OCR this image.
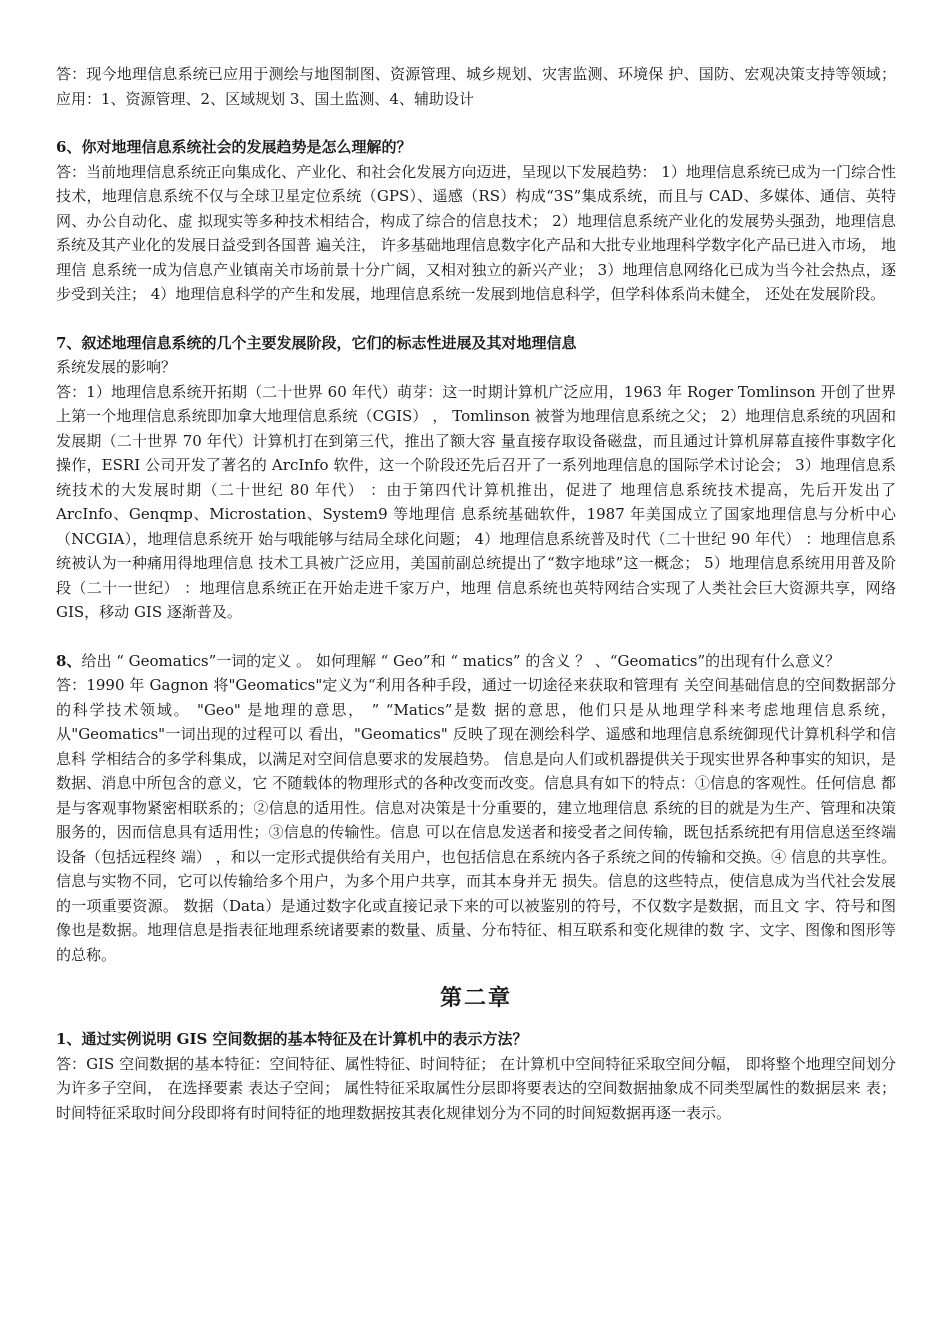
答：现今地理信息系统已应用于测绘与地图制图、资源管理、城乡规划、灾害监测、环境保 护、国防、宏观决策支持等领域； 应用：1、资源管理、2、区域规划 3、国土监测、4、辅助设计

6、你对地理信息系统社会的发展趋势是怎么理解的？

答：当前地理信息系统正向集成化、产业化、和社会化发展方向迈进，呈现以下发展趋势： 1）地理信息系统已成为一门综合性技术，地理信息系统不仅与全球卫星定位系统（GPS）、遥感（RS）构成“3S”集成系统，而且与 CAD、多媒体、通信、英特网、办公自动化、虚 拟现实等多种技术相结合，构成了综合的信息技术； 2）地理信息系统产业化的发展势头强劲，地理信息系统及其产业化的发展日益受到各国普 遍关注， 许多基础地理信息数字化产品和大批专业地理科学数字化产品已进入市场， 地理信 息系统一成为信息产业镇南关市场前景十分广阔，又相对独立的新兴产业； 3）地理信息网络化已成为当今社会热点，逐步受到关注； 4）地理信息科学的产生和发展，地理信息系统一发展到地信息科学，但学科体系尚未健全， 还处在发展阶段。

7、叙述地理信息系统的几个主要发展阶段，它们的标志性进展及其对地理信息

系统发展的影响？

答：1）地理信息系统开拓期（二十世界 60 年代）萌芽：这一时期计算机广泛应用，1963 年 Roger Tomlinson 开创了世界上第一个地理信息系统即加拿大地理信息系统（CGIS） ， Tomlinson 被誉为地理信息系统之父； 2）地理信息系统的巩固和发展期（二十世界 70 年代）计算机打在到第三代，推出了额大容 量直接存取设备磁盘，而且通过计算机屏幕直接件事数字化操作，ESRI 公司开发了著名的 ArcInfo 软件，这一个阶段还先后召开了一系列地理信息的国际学术讨论会； 3）地理信息系统技术的大发展时期（二十世纪 80 年代） ：由于第四代计算机推出，促进了 地理信息系统技术提高，先后开发出了 ArcInfo、Genqmp、Microstation、System9 等地理信 息系统基础软件，1987 年美国成立了国家地理信息与分析中心（NCGIA），地理信息系统开 始与哦能够与结局全球化问题； 4）地理信息系统普及时代（二十世纪 90 年代） ：地理信息系统被认为一种痛用得地理信息 技术工具被广泛应用，美国前副总统提出了“数字地球”这一概念； 5）地理信息系统用用普及阶段（二十一世纪） ：地理信息系统正在开始走进千家万户，地理 信息系统也英特网结合实现了人类社会巨大资源共享，网络 GIS，移动 GIS 逐渐普及。

8、给出 “ Geomatics”一词的定义 。 如何理解 “ Geo”和 “ matics” 的含义 ？ 、“Geomatics”的出现有什么意义？

答：1990 年 Gagnon 将"Geomatics"定义为“利用各种手段，通过一切途径来获取和管理有 关空间基础信息的空间数据部分的科学技术领域。 "Geo" 是地理的意思， ” “Matics”是数 据的意思，他们只是从地理学科来考虑地理信息系统，从"Geomatics"一词出现的过程可以 看出，"Geomatics" 反映了现在测绘科学、遥感和地理信息系统御现代计算机科学和信息科 学相结合的多学科集成，以满足对空间信息要求的发展趋势。 信息是向人们或机器提供关于现实世界各种事实的知识，是数据、消息中所包含的意义，它 不随载体的物理形式的各种改变而改变。信息具有如下的特点：①信息的客观性。任何信息 都是与客观事物紧密相联系的；②信息的适用性。信息对决策是十分重要的，建立地理信息 系统的目的就是为生产、管理和决策服务的，因而信息具有适用性；③信息的传输性。信息 可以在信息发送者和接受者之间传输，既包括系统把有用信息送至终端设备（包括远程终 端） ，和以一定形式提供给有关用户，也包括信息在系统内各子系统之间的传输和交换。④ 信息的共享性。信息与实物不同，它可以传输给多个用户，为多个用户共享，而其本身并无 损失。信息的这些特点，使信息成为当代社会发展的一项重要资源。 数据（Data）是通过数字化或直接记录下来的可以被鉴别的符号，不仅数字是数据，而且文 字、符号和图像也是数据。地理信息是指表征地理系统诸要素的数量、质量、分布特征、相互联系和变化规律的数 字、文字、图像和图形等的总称。

第二章

1、通过实例说明 GIS 空间数据的基本特征及在计算机中的表示方法？

答：GIS 空间数据的基本特征：空间特征、属性特征、时间特征； 在计算机中空间特征采取空间分幅， 即将整个地理空间划分为许多子空间， 在选择要素 表达子空间； 属性特征采取属性分层即将要表达的空间数据抽象成不同类型属性的数据层来 表； 时间特征采取时间分段即将有时间特征的地理数据按其表化规律划分为不同的时间短数据再逐一表示。
